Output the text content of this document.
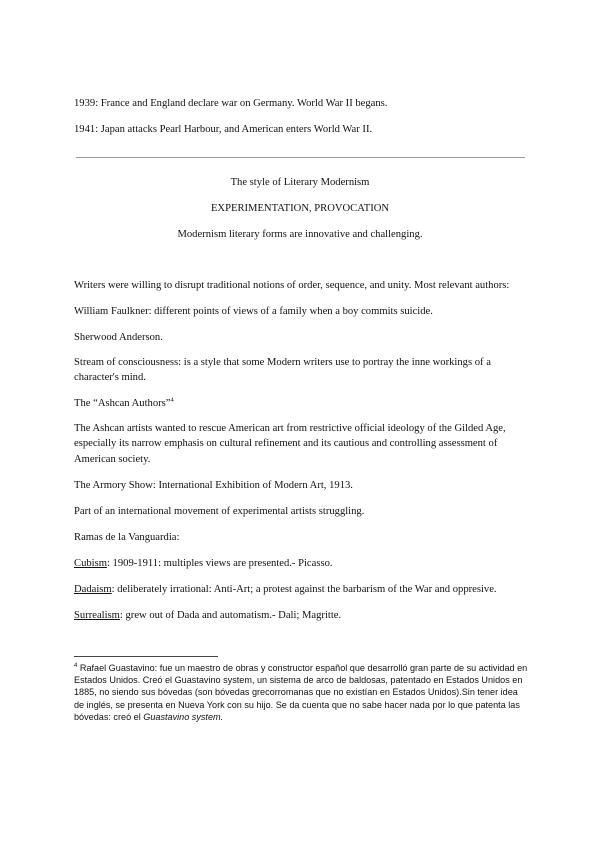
1939: France and England declare war on Germany. World War II begans.
1941: Japan attacks Pearl Harbour, and American enters World War II.
The style of Literary Modernism
EXPERIMENTATION, PROVOCATION
Modernism literary forms are innovative and challenging.
Writers were willing to disrupt traditional notions of order, sequence, and unity. Most relevant authors:
William Faulkner: different points of views of a family when a boy commits suicide.
Sherwood Anderson.
Stream of consciousness: is a style that some Modern writers use to portray the inne workings of a character's mind.
The “Ashcan Authors”$^4$
The Ashcan artists wanted to rescue American art from restrictive official ideology of the Gilded Age, especially its narrow emphasis on cultural refinement and its cautious and controlling assessment of American society.
The Armory Show: International Exhibition of Modern Art, 1913.
Part of an international movement of experimental artists struggling.
Ramas de la Vanguardia:
Cubism: 1909-1911: multiples views are presented.- Picasso.
Dadaism: deliberately irrational: Anti-Art; a protest against the barbarism of the War and oppresive.
Surrealism: grew out of Dada and automatism.- Dali; Magritte.
$^4$ Rafael Guastavino: fue un maestro de obras y constructor español que desarrolló gran parte de su actividad en Estados Unidos. Creó el Guastavino system, un sistema de arco de baldosas, patentado en Estados Unidos en 1885, no siendo sus bóvedas (son bóvedas grecorromanas que no existían en Estados Unidos).Sin tener idea de inglés, se presenta en Nueva York con su hijo. Se da cuenta que no sabe hacer nada por lo que patenta las bóvedas: creó el Guastavino system.
